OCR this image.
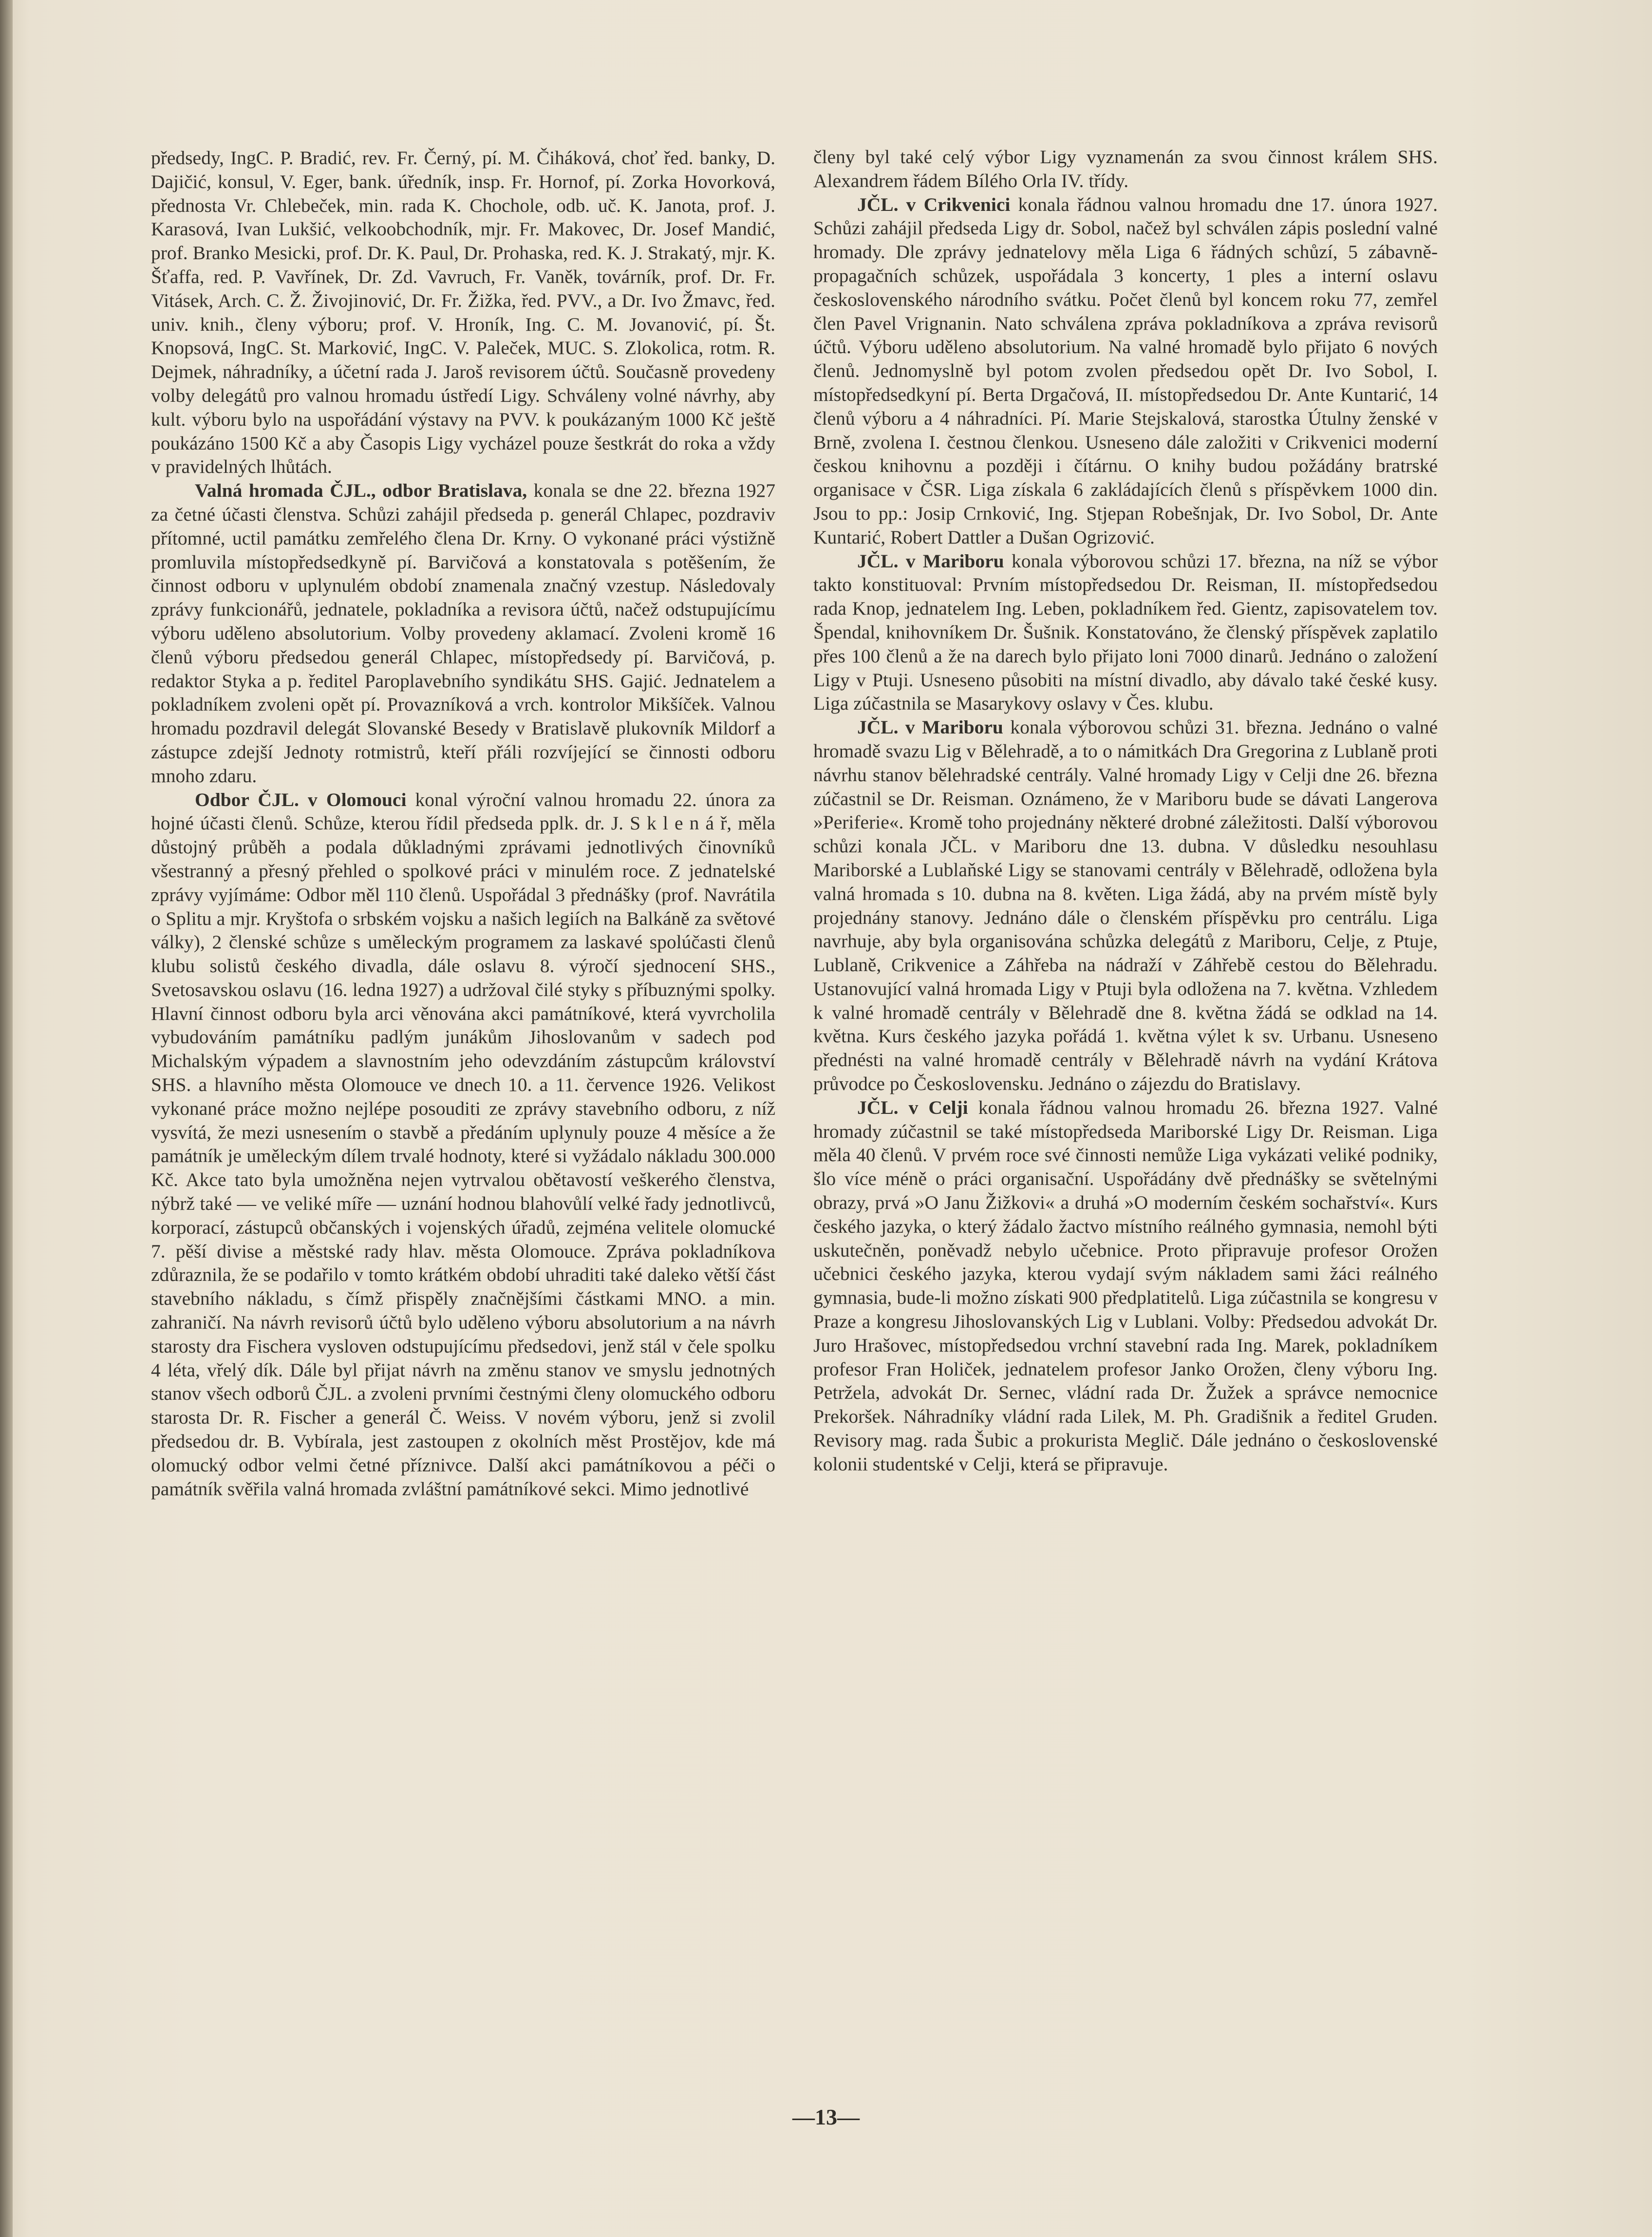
předsedy, IngC. P. Bradić, rev. Fr. Černý, pí. M. Čiháková, choť řed. banky, D. Dajičić, konsul, V. Eger, bank. úředník, insp. Fr. Hornof, pí. Zorka Hovorková, přednosta Vr. Chlebeček, min. rada K. Chochole, odb. uč. K. Janota, prof. J. Karasová, Ivan Lukšić, velkoobchodník, mjr. Fr. Makovec, Dr. Josef Mandić, prof. Branko Mesicki, prof. Dr. K. Paul, Dr. Prohaska, red. K. J. Strakatý, mjr. K. Šťaffa, red. P. Vavřínek, Dr. Zd. Vavruch, Fr. Vaněk, továrník, prof. Dr. Fr. Vitásek, Arch. C. Ž. Živojinović, Dr. Fr. Žižka, řed. PVV., a Dr. Ivo Žmavc, řed. univ. knih., členy výboru; prof. V. Hroník, Ing. C. M. Jovanović, pí. Št. Knopsová, IngC. St. Marković, IngC. V. Paleček, MUC. S. Zlokolica, rotm. R. Dejmek, náhradníky, a účetní rada J. Jaroš revisorem účtů. Současně provedeny volby delegátů pro valnou hromadu ústředí Ligy. Schváleny volné návrhy, aby kult. výboru bylo na uspořádání výstavy na PVV. k poukázaným 1000 Kč ještě poukázáno 1500 Kč a aby Časopis Ligy vycházel pouze šestkrát do roka a vždy v pravidelných lhůtách.

Valná hromada ČJL., odbor Bratislava, konala se dne 22. března 1927 za četné účasti členstva. Schůzi zahájil předseda p. generál Chlapec, pozdraviv přítomné, uctil památku zemřelého člena Dr. Krny. O vykonané práci výstižně promluvila místopředsedkyně pí. Barvičová a konstatovala s potěšením, že činnost odboru v uplynulém období znamenala značný vzestup. Následovaly zprávy funkcionářů, jednatele, pokladníka a revisora účtů, načež odstupujícímu výboru uděleno absolutorium. Volby provedeny aklamací. Zvoleni kromě 16 členů výboru předsedou generál Chlapec, místopředsedy pí. Barvičová, p. redaktor Styka a p. ředitel Paroplavebního syndikátu SHS. Gajić. Jednatelem a pokladníkem zvoleni opět pí. Provazníková a vrch. kontrolor Mikšíček. Valnou hromadu pozdravil delegát Slovanské Besedy v Bratislavě plukovník Mildorf a zástupce zdejší Jednoty rotmistrů, kteří přáli rozvíjející se činnosti odboru mnoho zdaru.

Odbor ČJL. v Olomouci konal výroční valnou hromadu 22. února za hojné účasti členů. Schůze, kterou řídil předseda pplk. dr. J. S k l e n á ř, měla důstojný průběh a podala důkladnými zprávami jednotlivých činovníků všestranný a přesný přehled o spolkové práci v minulém roce. Z jednatelské zprávy vyjímáme: Odbor měl 110 členů. Uspořádal 3 přednášky (prof. Navrátila o Splitu a mjr. Kryštofa o srbském vojsku a našich legiích na Balkáně za světové války), 2 členské schůze s uměleckým programem za laskavé spolúčasti členů klubu solistů českého divadla, dále oslavu 8. výročí sjednocení SHS., Svetosavskou oslavu (16. ledna 1927) a udržoval čilé styky s příbuznými spolky. Hlavní činnost odboru byla arci věnována akci památníkové, která vyvrcholila vybudováním památníku padlým junákům Jihoslovanům v sadech pod Michalským výpadem a slavnostním jeho odevzdáním zástupcům království SHS. a hlavního města Olomouce ve dnech 10. a 11. července 1926. Velikost vykonané práce možno nejlépe posouditi ze zprávy stavebního odboru, z níž vysvítá, že mezi usnesením o stavbě a předáním uplynuly pouze 4 měsíce a že památník je uměleckým dílem trvalé hodnoty, které si vyžádalo nákladu 300.000 Kč. Akce tato byla umožněna nejen vytrvalou obětavostí veškerého členstva, nýbrž také — ve veliké míře — uznání hodnou blahovůlí velké řady jednotlivců, korporací, zástupců občanských i vojenských úřadů, zejména velitele olomucké 7. pěší divise a městské rady hlav. města Olomouce. Zpráva pokladníkova zdůraznila, že se podařilo v tomto krátkém období uhraditi také daleko větší část stavebního nákladu, s čímž přispěly značnějšími částkami MNO. a min. zahraničí. Na návrh revisorů účtů bylo uděleno výboru absolutorium a na návrh starosty dra Fischera vysloven odstupujícímu předsedovi, jenž stál v čele spolku 4 léta, vřelý dík. Dále byl přijat návrh na změnu stanov ve smyslu jednotných stanov všech odborů ČJL. a zvoleni prvními čestnými členy olomuckého odboru starosta Dr. R. Fischer a generál Č. Weiss. V novém výboru, jenž si zvolil předsedou dr. B. Vybírala, jest zastoupen z okolních měst Prostějov, kde má olomucký odbor velmi četné příznivce. Další akci památníkovou a péči o památník svěřila valná hromada zvláštní památníkové sekci. Mimo jednotlivé

členy byl také celý výbor Ligy vyznamenán za svou činnost králem SHS. Alexandrem řádem Bílého Orla IV. třídy.

JČL. v Crikvenici konala řádnou valnou hromadu dne 17. února 1927. Schůzi zahájil předseda Ligy dr. Sobol, načež byl schválen zápis poslední valné hromady. Dle zprávy jednatelovy měla Liga 6 řádných schůzí, 5 zábavně-propagačních schůzek, uspořádala 3 koncerty, 1 ples a interní oslavu československého národního svátku. Počet členů byl koncem roku 77, zemřel člen Pavel Vrignanin. Nato schválena zpráva pokladníkova a zpráva revisorů účtů. Výboru uděleno absolutorium. Na valné hromadě bylo přijato 6 nových členů. Jednomyslně byl potom zvolen předsedou opět Dr. Ivo Sobol, I. místopředsedkyní pí. Berta Drgačová, II. místopředsedou Dr. Ante Kuntarić, 14 členů výboru a 4 náhradníci. Pí. Marie Stejskalová, starostka Útulny ženské v Brně, zvolena I. čestnou členkou. Usneseno dále založiti v Crikvenici moderní českou knihovnu a později i čítárnu. O knihy budou požádány bratrské organisace v ČSR. Liga získala 6 zakládajících členů s příspěvkem 1000 din. Jsou to pp.: Josip Crnković, Ing. Stjepan Robešnjak, Dr. Ivo Sobol, Dr. Ante Kuntarić, Robert Dattler a Dušan Ogrizović.

JČL. v Mariboru konala výborovou schůzi 17. března, na níž se výbor takto konstituoval: Prvním místopředsedou Dr. Reisman, II. místopředsedou rada Knop, jednatelem Ing. Leben, pokladníkem řed. Gientz, zapisovatelem tov. Špendal, knihovníkem Dr. Šušnik. Konstatováno, že členský příspěvek zaplatilo přes 100 členů a že na darech bylo přijato loni 7000 dinarů. Jednáno o založení Ligy v Ptuji. Usneseno působiti na místní divadlo, aby dávalo také české kusy. Liga zúčastnila se Masarykovy oslavy v Čes. klubu.

JČL. v Mariboru konala výborovou schůzi 31. března. Jednáno o valné hromadě svazu Lig v Bělehradě, a to o námitkách Dra Gregorina z Lublaně proti návrhu stanov bělehradské centrály. Valné hromady Ligy v Celji dne 26. března zúčastnil se Dr. Reisman. Oznámeno, že v Mariboru bude se dávati Langerova »Periferie«. Kromě toho projednány některé drobné záležitosti. Další výborovou schůzi konala JČL. v Mariboru dne 13. dubna. V důsledku nesouhlasu Mariborské a Lublaňské Ligy se stanovami centrály v Bělehradě, odložena byla valná hromada s 10. dubna na 8. květen. Liga žádá, aby na prvém místě byly projednány stanovy. Jednáno dále o členském příspěvku pro centrálu. Liga navrhuje, aby byla organisována schůzka delegátů z Mariboru, Celje, z Ptuje, Lublaně, Crikvenice a Záhřeba na nádraží v Záhřebě cestou do Bělehradu. Ustanovující valná hromada Ligy v Ptuji byla odložena na 7. května. Vzhledem k valné hromadě centrály v Bělehradě dne 8. května žádá se odklad na 14. května. Kurs českého jazyka pořádá 1. května výlet k sv. Urbanu. Usneseno přednésti na valné hromadě centrály v Bělehradě návrh na vydání Krátova průvodce po Československu. Jednáno o zájezdu do Bratislavy.

JČL. v Celji konala řádnou valnou hromadu 26. března 1927. Valné hromady zúčastnil se také místopředseda Mariborské Ligy Dr. Reisman. Liga měla 40 členů. V prvém roce své činnosti nemůže Liga vykázati veliké podniky, šlo více méně o práci organisační. Uspořádány dvě přednášky se světelnými obrazy, prvá »O Janu Žižkovi« a druhá »O moderním českém sochařství«. Kurs českého jazyka, o který žádalo žactvo místního reálného gymnasia, nemohl býti uskutečněn, poněvadž nebylo učebnice. Proto připravuje profesor Orožen učebnici českého jazyka, kterou vydají svým nákladem sami žáci reálného gymnasia, bude-li možno získati 900 předplatitelů. Liga zúčastnila se kongresu v Praze a kongresu Jihoslovanských Lig v Lublani. Volby: Předsedou advokát Dr. Juro Hrašovec, místopředsedou vrchní stavební rada Ing. Marek, pokladníkem profesor Fran Holiček, jednatelem profesor Janko Orožen, členy výboru Ing. Petrželа, advokát Dr. Sernec, vládní rada Dr. Žužek a správce nemocnice Prekoršek. Náhradníky vládní rada Lilek, M. Ph. Gradišnik a ředitel Gruden. Revisory mag. rada Šubic a prokurista Meglič. Dále jednáno o československé kolonii studentské v Celji, která se připravuje.

—13—
